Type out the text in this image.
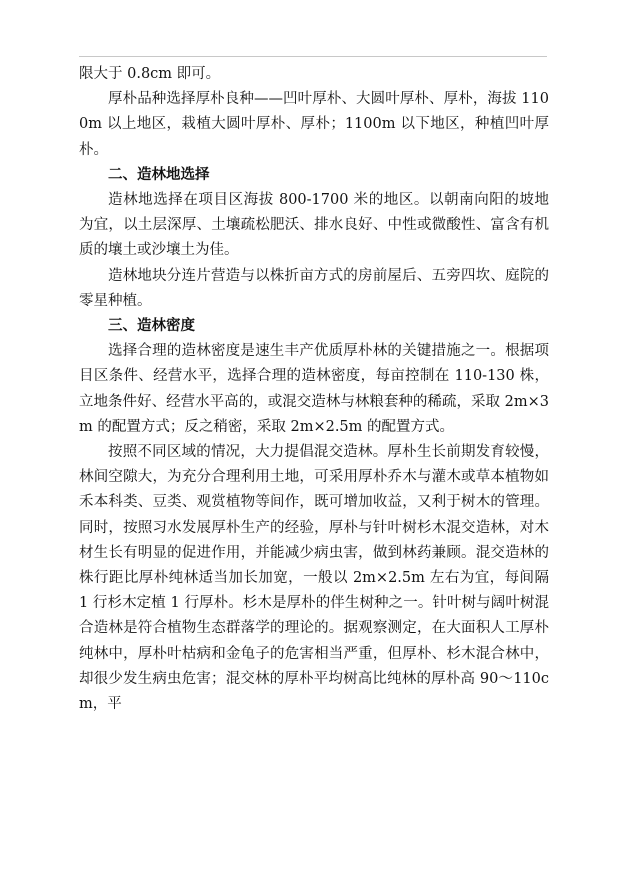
限大于 0.8cm 即可。

厚朴品种选择厚朴良种——凹叶厚朴、大圆叶厚朴、厚朴，海拔 1100m 以上地区，栽植大圆叶厚朴、厚朴；1100m 以下地区，种植凹叶厚朴。

二、造林地选择

造林地选择在项目区海拔 800-1700 米的地区。以朝南向阳的坡地为宜，以土层深厚、土壤疏松肥沃、排水良好、中性或微酸性、富含有机质的壤土或沙壤土为佳。

造林地块分连片营造与以株折亩方式的房前屋后、五旁四坎、庭院的零星种植。

三、造林密度

选择合理的造林密度是速生丰产优质厚朴林的关键措施之一。根据项目区条件、经营水平，选择合理的造林密度，每亩控制在 110-130 株，立地条件好、经营水平高的，或混交造林与林粮套种的稀疏，采取 2m×3m 的配置方式；反之稍密，采取 2m×2.5m 的配置方式。

按照不同区域的情况，大力提倡混交造林。厚朴生长前期发育较慢，林间空隙大，为充分合理利用土地，可采用厚朴乔木与灌木或草本植物如禾本科类、豆类、观赏植物等间作，既可增加收益，又利于树木的管理。同时，按照习水发展厚朴生产的经验，厚朴与针叶树杉木混交造林，对木材生长有明显的促进作用，并能减少病虫害，做到林药兼顾。混交造林的株行距比厚朴纯林适当加长加宽，一般以 2m×2.5m 左右为宜，每间隔 1 行杉木定植 1 行厚朴。杉木是厚朴的伴生树种之一。针叶树与阔叶树混合造林是符合植物生态群落学的理论的。据观察测定，在大面积人工厚朴纯林中，厚朴叶枯病和金龟子的危害相当严重，但厚朴、杉木混合林中，却很少发生病虫危害；混交林的厚朴平均树高比纯林的厚朴高 90～110cm，平
